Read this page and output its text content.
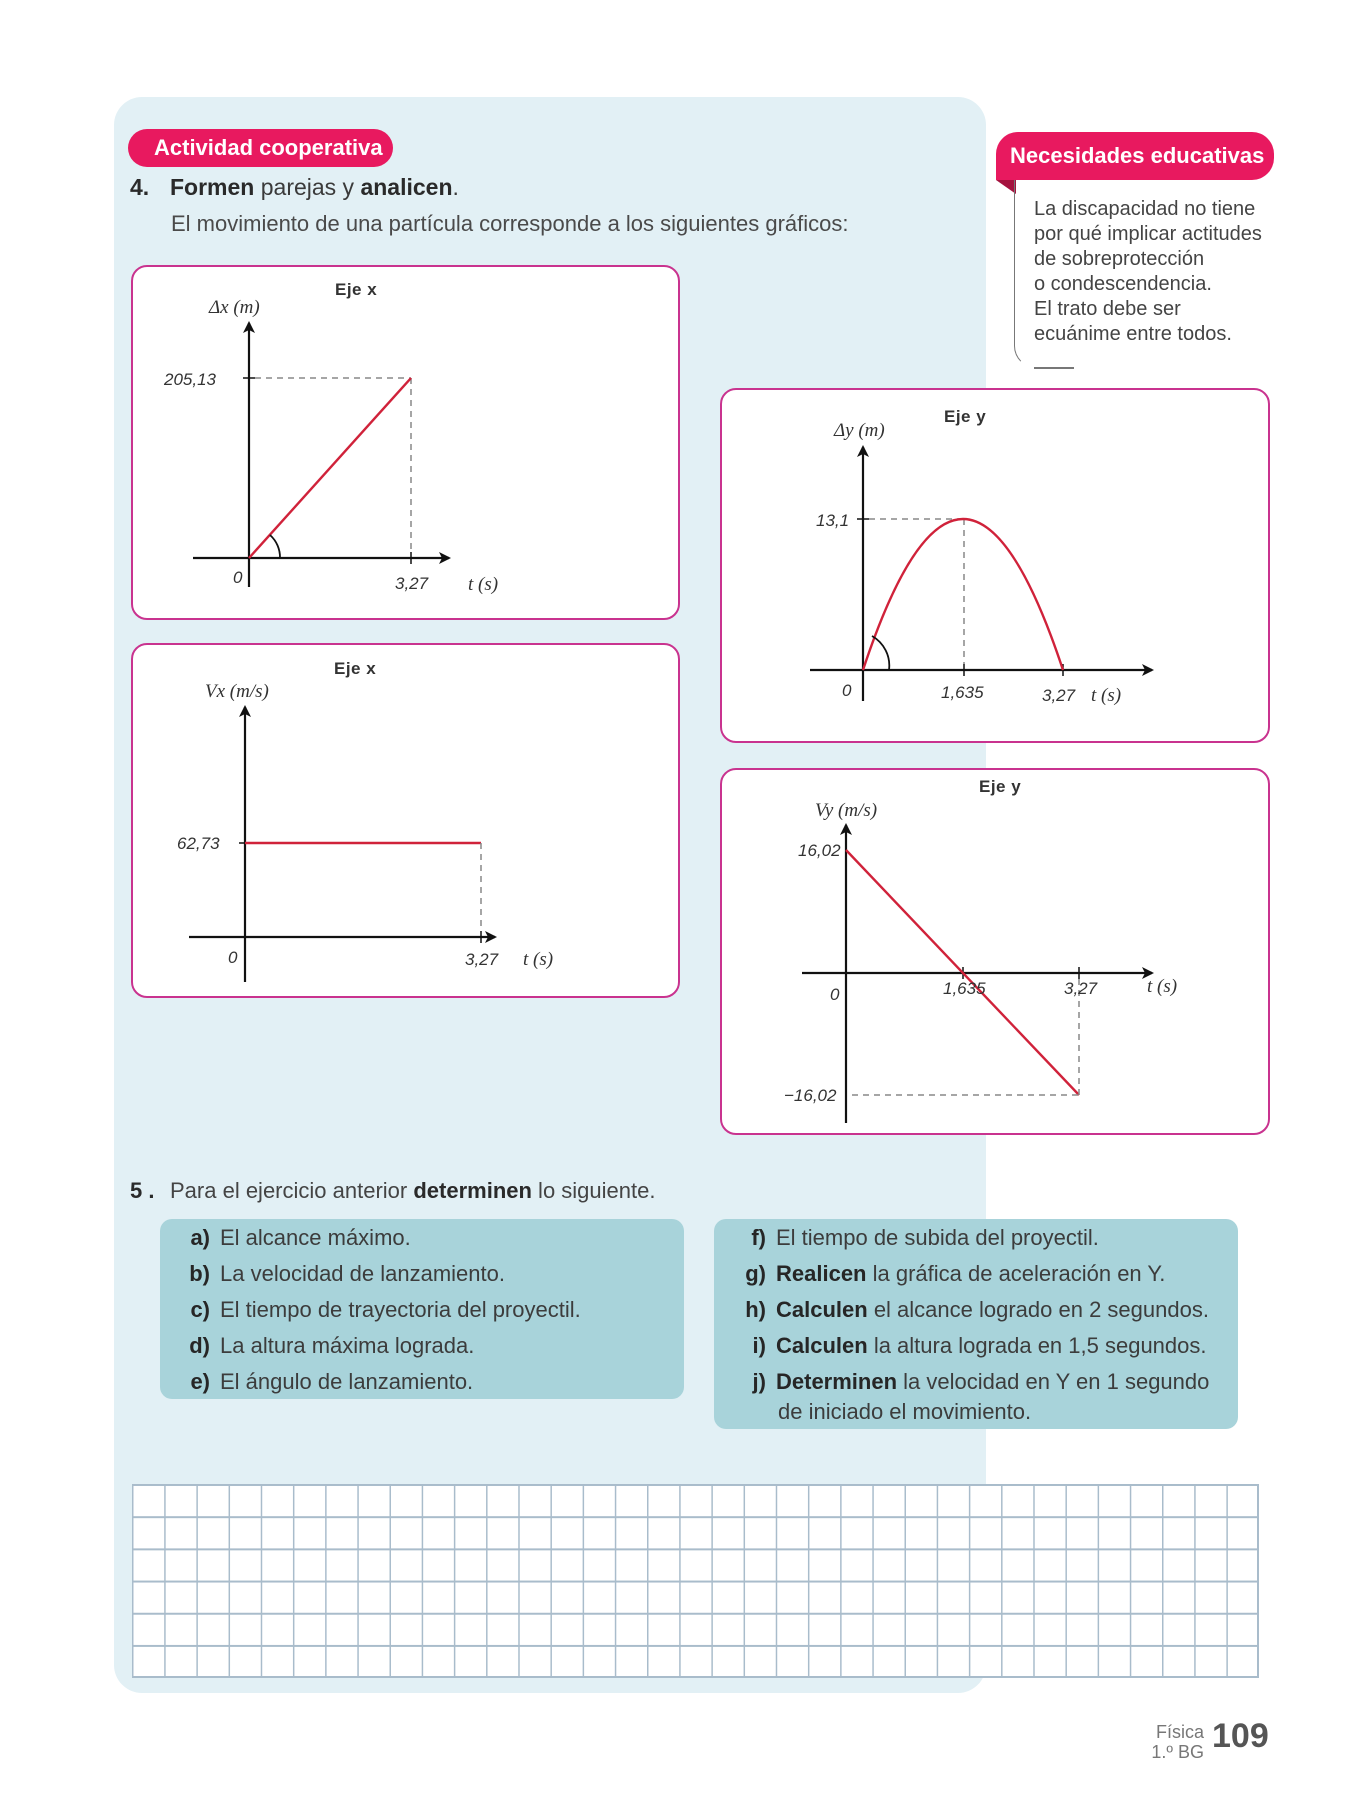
Actividad cooperativa
4. Formen parejas y analicen.
El movimiento de una partícula corresponde a los siguientes gráficos:
Eje x
Δx (m)
205,13
0	3,27 t (s)
Eje x
Vx (m/s)
62,73
0	3,27 t (s)
Eje y
Δy (m)
13,1
0	1,635	3,27 t (s)
Eje y
Vy (m/s)
16,02
−16,02
0	1,635	3,27	t (s)
Necesidades educativas
La discapacidad no tiene
por qué implicar actitudes
de sobreprotección
o condescendencia.
El trato debe ser
ecuánime entre todos.
5 . Para el ejercicio anterior determinen lo siguiente.
a) El alcance máximo.
b) La velocidad de lanzamiento.
c) El tiempo de trayectoria del proyectil.
d) La altura máxima lograda.
e) El ángulo de lanzamiento.
f) El tiempo de subida del proyectil.
g) Realicen la gráfica de aceleración en Y.
h) Calculen el alcance logrado en 2 segundos.
i) Calculen la altura lograda en 1,5 segundos.
j) Determinen la velocidad en Y en 1 segundo
de iniciado el movimiento.
Física
1.º BG 109
